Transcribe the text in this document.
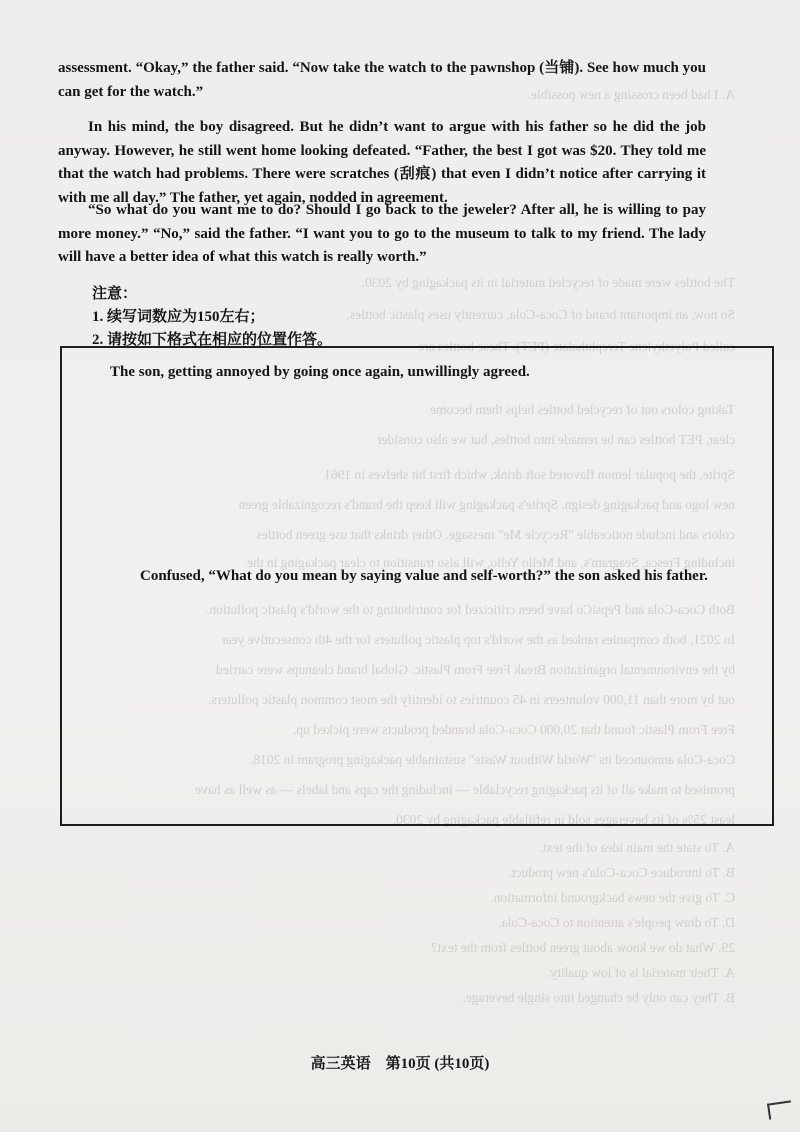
A. I had been crossing a new possible.
The bottles were made of recycled material in its packaging by 2030.
So now, an important brand of Coca-Cola, currently uses plastic bottles.
called Polyethylene Terephthalate (PET). These bottles are
Taking colors out of recycled bottles helps them become
clear, PET bottles can be remade into bottles, but we also consider
Sprite, the popular lemon flavored soft drink, which first hit shelves in 1961
new logo and packaging design. Sprite's packaging will keep the brand's recognizable green
colors and include noticeable "Recycle Me" message. Other drinks that use green bottles
including Fresca, Seagram's, and Mello Yello, will also transition to clear packaging in the
Both Coca-Cola and PepsiCo have been criticized for contributing to the world's plastic pollution.
In 2021, both companies ranked as the world's top plastic polluters for the 4th consecutive year
by the environmental organization Break Free From Plastic. Global brand cleanups were carried
out by more than 11,000 volunteers in 45 countries to identify the most common plastic polluters.
Free From Plastic found that 20,000 Coca-Cola branded products were picked up.
Coca-Cola announced its "World Without Waste" sustainable packaging program in 2018.
promised to make all of its packaging recyclable — including the caps and labels — as well as have
least 25% of its beverages sold in refillable packaging by 2030.
A. To state the main idea of the text.
B. To introduce Coca-Cola's new product.
C. To give the news background information.
D. To draw people's attention to Coca-Cola.
29. What do we know about green bottles from the text?
A. Their material is of low quality.
B. They can only be changed into single beverage.
assessment. “Okay,” the father said. “Now take the watch to the pawnshop (当铺). See how much you can get for the watch.”
In his mind, the boy disagreed. But he didn’t want to argue with his father so he did the job anyway. However, he still went home looking defeated. “Father, the best I got was $20. They told me that the watch had problems. There were scratches (刮痕) that even I didn’t notice after carrying it with me all day.” The father, yet again, nodded in agreement.
“So what do you want me to do? Should I go back to the jeweler? After all, he is willing to pay more money.” “No,” said the father. “I want you to go to the museum to talk to my friend. The lady will have a better idea of what this watch is really worth.”
注意：
1. 续写词数应为150左右；
2. 请按如下格式在相应的位置作答。
The son, getting annoyed by going once again, unwillingly agreed.
Confused, “What do you mean by saying value and self-worth?” the son asked his father.
高三英语　第10页 (共10页)
